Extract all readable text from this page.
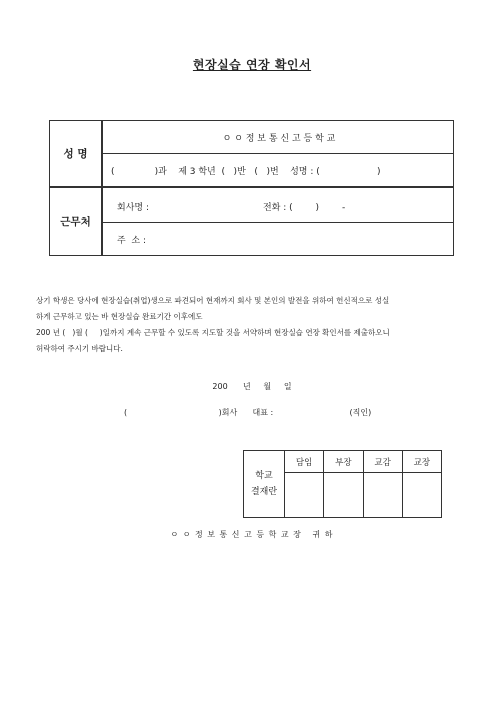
현장실습 연장 확인서
성 명	ㅇ ㅇ 정 보 통 신 고 등 학 교

	(              )과    제 3 학년  (   )반   (   )번    성명 : (                    )

근무처	회사명 : 전화 : (        )        -

	주  소 :
상기 학생은 당사에 현장실습(취업)생으로 파견되어 현재까지 회사 및 본인의 발전을 위하여 헌신적으로 성실
하게 근무하고 있는 바 현장실습 완료기간 이후에도
200 년 (   )월 (     )일까지 계속 근무할 수 있도록 지도할 것을 서약하며 현장실습 연장 확인서를 제출하오니
허락하여 주시기 바랍니다.
200      년     월     일
(                                    )회사      대표 :                              (직인)
학교
결재란	담임	부장	교감	교장

ㅇ ㅇ 정 보 통 신 고 등 학 교 장   귀 하
